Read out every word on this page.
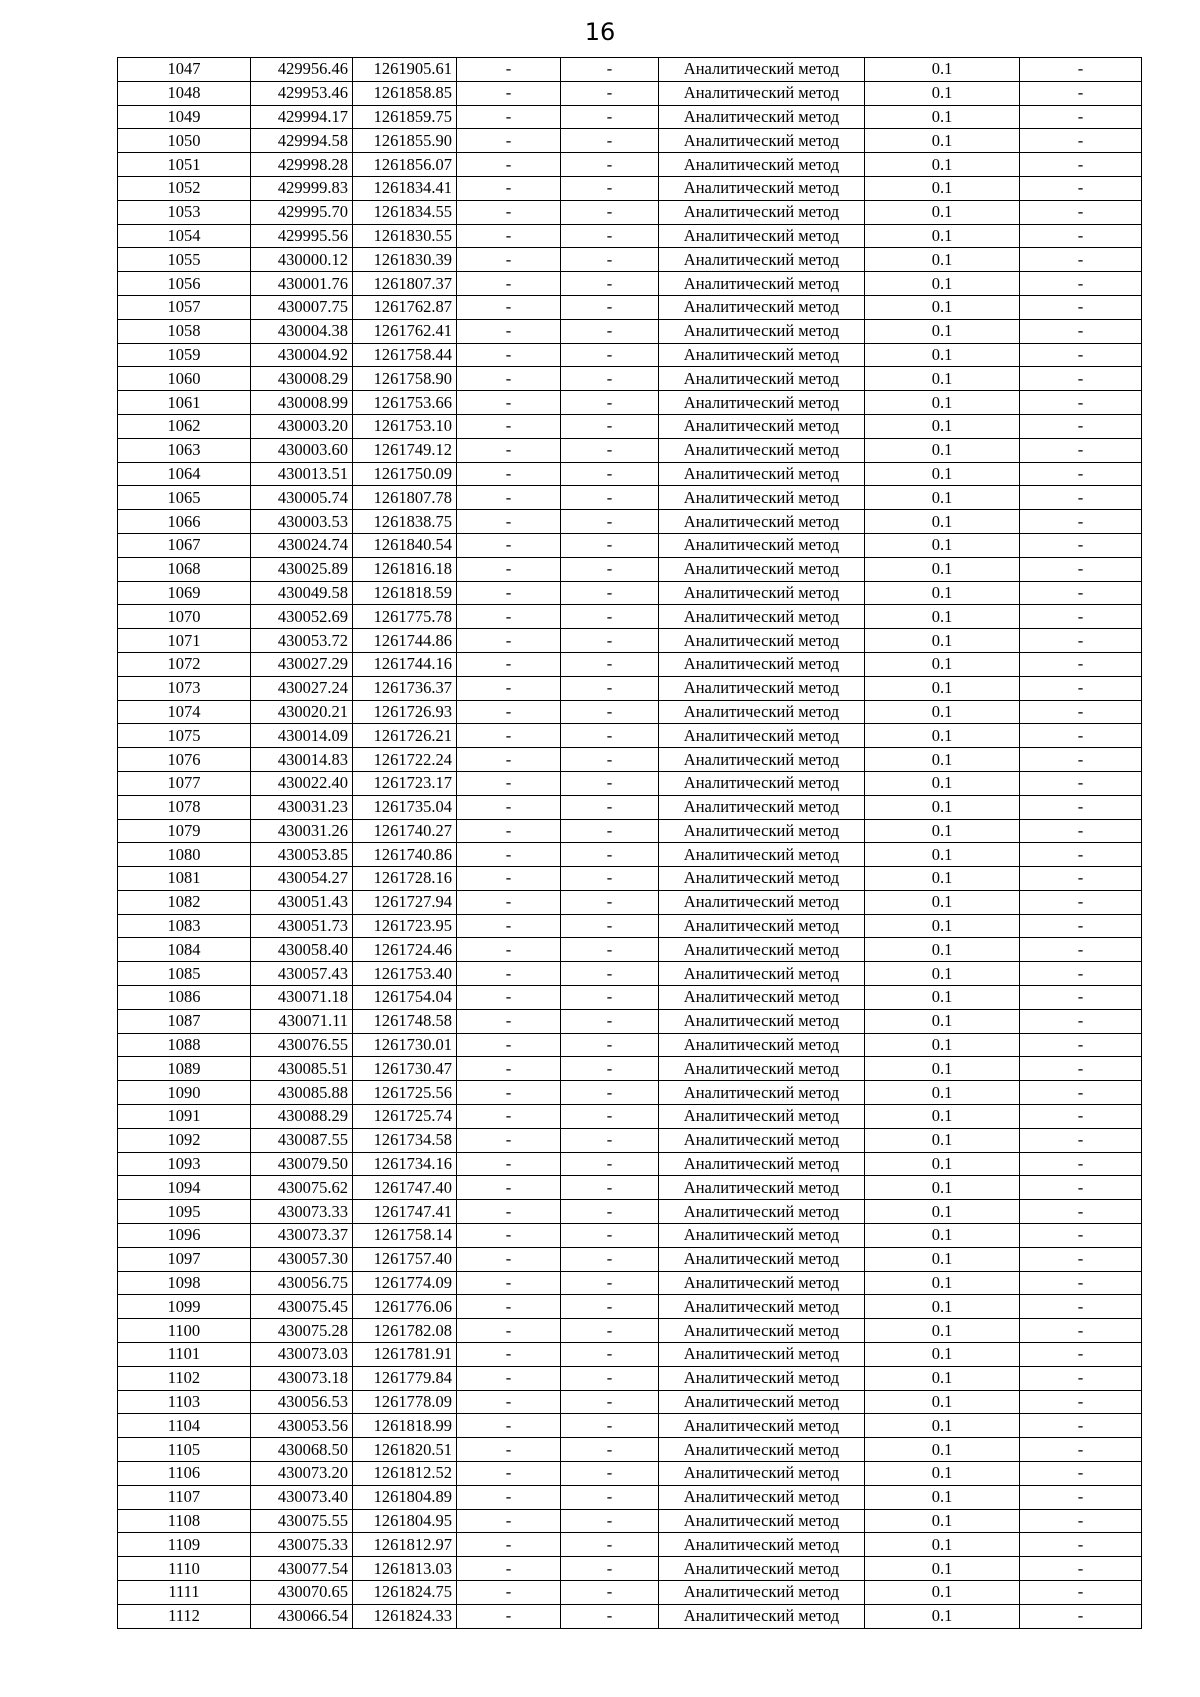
16
1047	429956.46	1261905.61	-	-	Аналитический метод	0.1	-
1048	429953.46	1261858.85	-	-	Аналитический метод	0.1	-
1049	429994.17	1261859.75	-	-	Аналитический метод	0.1	-
1050	429994.58	1261855.90	-	-	Аналитический метод	0.1	-
1051	429998.28	1261856.07	-	-	Аналитический метод	0.1	-
1052	429999.83	1261834.41	-	-	Аналитический метод	0.1	-
1053	429995.70	1261834.55	-	-	Аналитический метод	0.1	-
1054	429995.56	1261830.55	-	-	Аналитический метод	0.1	-
1055	430000.12	1261830.39	-	-	Аналитический метод	0.1	-
1056	430001.76	1261807.37	-	-	Аналитический метод	0.1	-
1057	430007.75	1261762.87	-	-	Аналитический метод	0.1	-
1058	430004.38	1261762.41	-	-	Аналитический метод	0.1	-
1059	430004.92	1261758.44	-	-	Аналитический метод	0.1	-
1060	430008.29	1261758.90	-	-	Аналитический метод	0.1	-
1061	430008.99	1261753.66	-	-	Аналитический метод	0.1	-
1062	430003.20	1261753.10	-	-	Аналитический метод	0.1	-
1063	430003.60	1261749.12	-	-	Аналитический метод	0.1	-
1064	430013.51	1261750.09	-	-	Аналитический метод	0.1	-
1065	430005.74	1261807.78	-	-	Аналитический метод	0.1	-
1066	430003.53	1261838.75	-	-	Аналитический метод	0.1	-
1067	430024.74	1261840.54	-	-	Аналитический метод	0.1	-
1068	430025.89	1261816.18	-	-	Аналитический метод	0.1	-
1069	430049.58	1261818.59	-	-	Аналитический метод	0.1	-
1070	430052.69	1261775.78	-	-	Аналитический метод	0.1	-
1071	430053.72	1261744.86	-	-	Аналитический метод	0.1	-
1072	430027.29	1261744.16	-	-	Аналитический метод	0.1	-
1073	430027.24	1261736.37	-	-	Аналитический метод	0.1	-
1074	430020.21	1261726.93	-	-	Аналитический метод	0.1	-
1075	430014.09	1261726.21	-	-	Аналитический метод	0.1	-
1076	430014.83	1261722.24	-	-	Аналитический метод	0.1	-
1077	430022.40	1261723.17	-	-	Аналитический метод	0.1	-
1078	430031.23	1261735.04	-	-	Аналитический метод	0.1	-
1079	430031.26	1261740.27	-	-	Аналитический метод	0.1	-
1080	430053.85	1261740.86	-	-	Аналитический метод	0.1	-
1081	430054.27	1261728.16	-	-	Аналитический метод	0.1	-
1082	430051.43	1261727.94	-	-	Аналитический метод	0.1	-
1083	430051.73	1261723.95	-	-	Аналитический метод	0.1	-
1084	430058.40	1261724.46	-	-	Аналитический метод	0.1	-
1085	430057.43	1261753.40	-	-	Аналитический метод	0.1	-
1086	430071.18	1261754.04	-	-	Аналитический метод	0.1	-
1087	430071.11	1261748.58	-	-	Аналитический метод	0.1	-
1088	430076.55	1261730.01	-	-	Аналитический метод	0.1	-
1089	430085.51	1261730.47	-	-	Аналитический метод	0.1	-
1090	430085.88	1261725.56	-	-	Аналитический метод	0.1	-
1091	430088.29	1261725.74	-	-	Аналитический метод	0.1	-
1092	430087.55	1261734.58	-	-	Аналитический метод	0.1	-
1093	430079.50	1261734.16	-	-	Аналитический метод	0.1	-
1094	430075.62	1261747.40	-	-	Аналитический метод	0.1	-
1095	430073.33	1261747.41	-	-	Аналитический метод	0.1	-
1096	430073.37	1261758.14	-	-	Аналитический метод	0.1	-
1097	430057.30	1261757.40	-	-	Аналитический метод	0.1	-
1098	430056.75	1261774.09	-	-	Аналитический метод	0.1	-
1099	430075.45	1261776.06	-	-	Аналитический метод	0.1	-
1100	430075.28	1261782.08	-	-	Аналитический метод	0.1	-
1101	430073.03	1261781.91	-	-	Аналитический метод	0.1	-
1102	430073.18	1261779.84	-	-	Аналитический метод	0.1	-
1103	430056.53	1261778.09	-	-	Аналитический метод	0.1	-
1104	430053.56	1261818.99	-	-	Аналитический метод	0.1	-
1105	430068.50	1261820.51	-	-	Аналитический метод	0.1	-
1106	430073.20	1261812.52	-	-	Аналитический метод	0.1	-
1107	430073.40	1261804.89	-	-	Аналитический метод	0.1	-
1108	430075.55	1261804.95	-	-	Аналитический метод	0.1	-
1109	430075.33	1261812.97	-	-	Аналитический метод	0.1	-
1110	430077.54	1261813.03	-	-	Аналитический метод	0.1	-
1111	430070.65	1261824.75	-	-	Аналитический метод	0.1	-
1112	430066.54	1261824.33	-	-	Аналитический метод	0.1	-
